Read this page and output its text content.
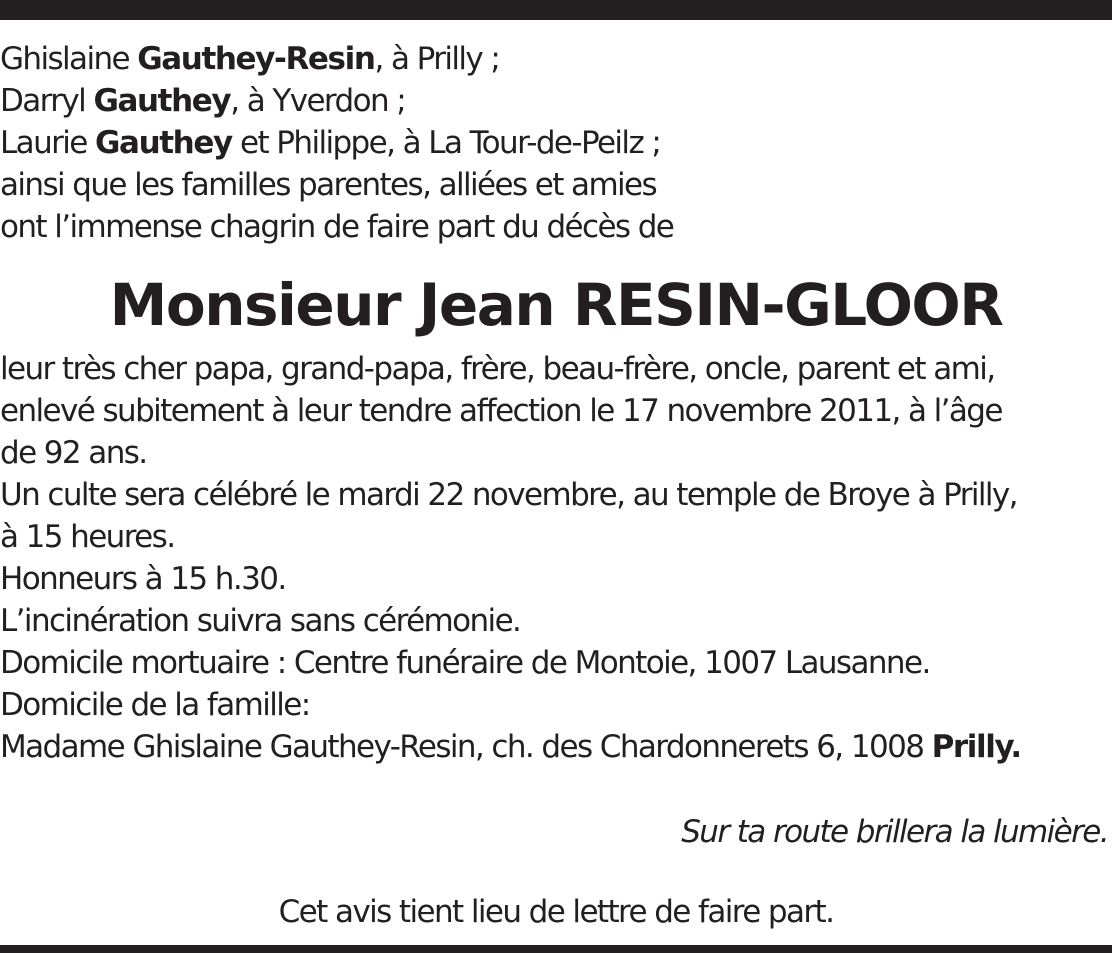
Ghislaine Gauthey-Resin, à Prilly ;
Darryl Gauthey, à Yverdon ;
Laurie Gauthey et Philippe, à La Tour-de-Peilz ;
ainsi que les familles parentes, alliées et amies
ont l’immense chagrin de faire part du décès de
Monsieur Jean RESIN-GLOOR
leur très cher papa, grand-papa, frère, beau-frère, oncle, parent et ami,
enlevé subitement à leur tendre affection le 17 novembre 2011, à l’âge
de 92 ans.
Un culte sera célébré le mardi 22 novembre, au temple de Broye à Prilly,
à 15 heures.
Honneurs à 15 h.30.
L’incinération suivra sans cérémonie.
Domicile mortuaire : Centre funéraire de Montoie, 1007 Lausanne.
Domicile de la famille:
Madame Ghislaine Gauthey-Resin, ch. des Chardonnerets 6, 1008 Prilly.
Sur ta route brillera la lumière.
Cet avis tient lieu de lettre de faire part.
